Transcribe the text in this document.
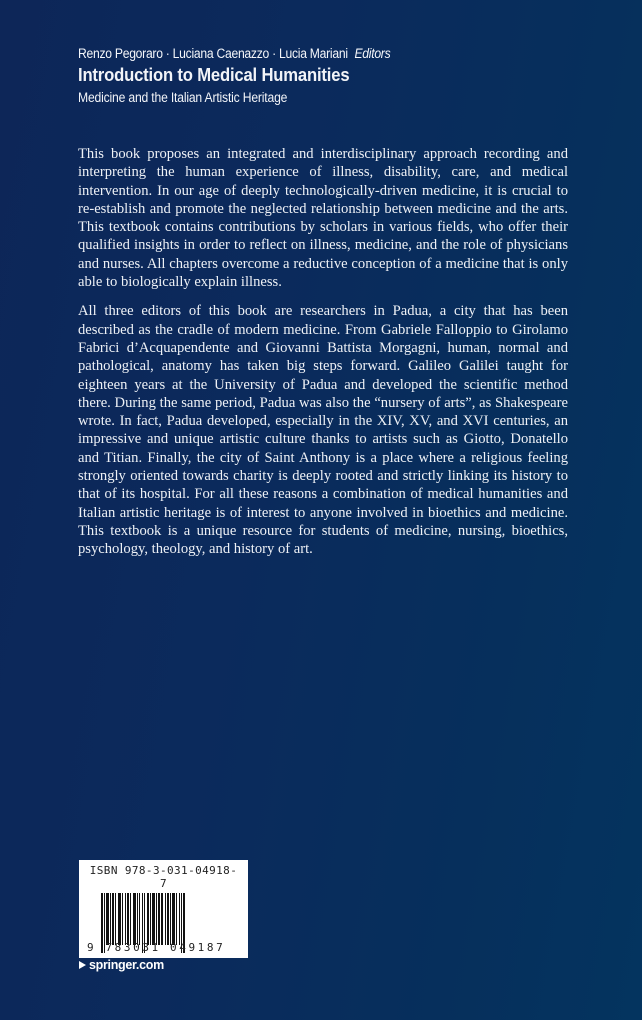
Renzo Pegoraro · Luciana Caenazzo · Lucia Mariani Editors
Introduction to Medical Humanities
Medicine and the Italian Artistic Heritage

This book proposes an integrated and interdisciplinary approach recording and interpreting the human experience of illness, disability, care, and medical intervention. In our age of deeply technologically-driven medicine, it is crucial to re-establish and promote the neglected relationship between medicine and the arts. This textbook contains contributions by scholars in various fields, who offer their qualified insights in order to reflect on illness, medicine, and the role of physicians and nurses. All chapters overcome a reductive conception of a medicine that is only able to biologically explain illness.

All three editors of this book are researchers in Padua, a city that has been described as the cradle of modern medicine. From Gabriele Falloppio to Girolamo Fabrici d’Acquapendente and Giovanni Battista Morgagni, human, normal and pathological, anatomy has taken big steps forward. Galileo Galilei taught for eighteen years at the University of Padua and developed the scientific method there. During the same period, Padua was also the “nursery of arts”, as Shakespeare wrote. In fact, Padua developed, especially in the XIV, XV, and XVI centuries, an impressive and unique artistic culture thanks to artists such as Giotto, Donatello and Titian. Finally, the city of Saint Anthony is a place where a religious feeling strongly oriented towards charity is deeply rooted and strictly linking its history to that of its hospital. For all these reasons a combination of medical humanities and Italian artistic heritage is of interest to anyone involved in bioethics and medicine. This textbook is a unique resource for students of medicine, nursing, bioethics, psychology, theology, and history of art.

ISBN 978-3-031-04918-7
9 783031 049187
springer.com
